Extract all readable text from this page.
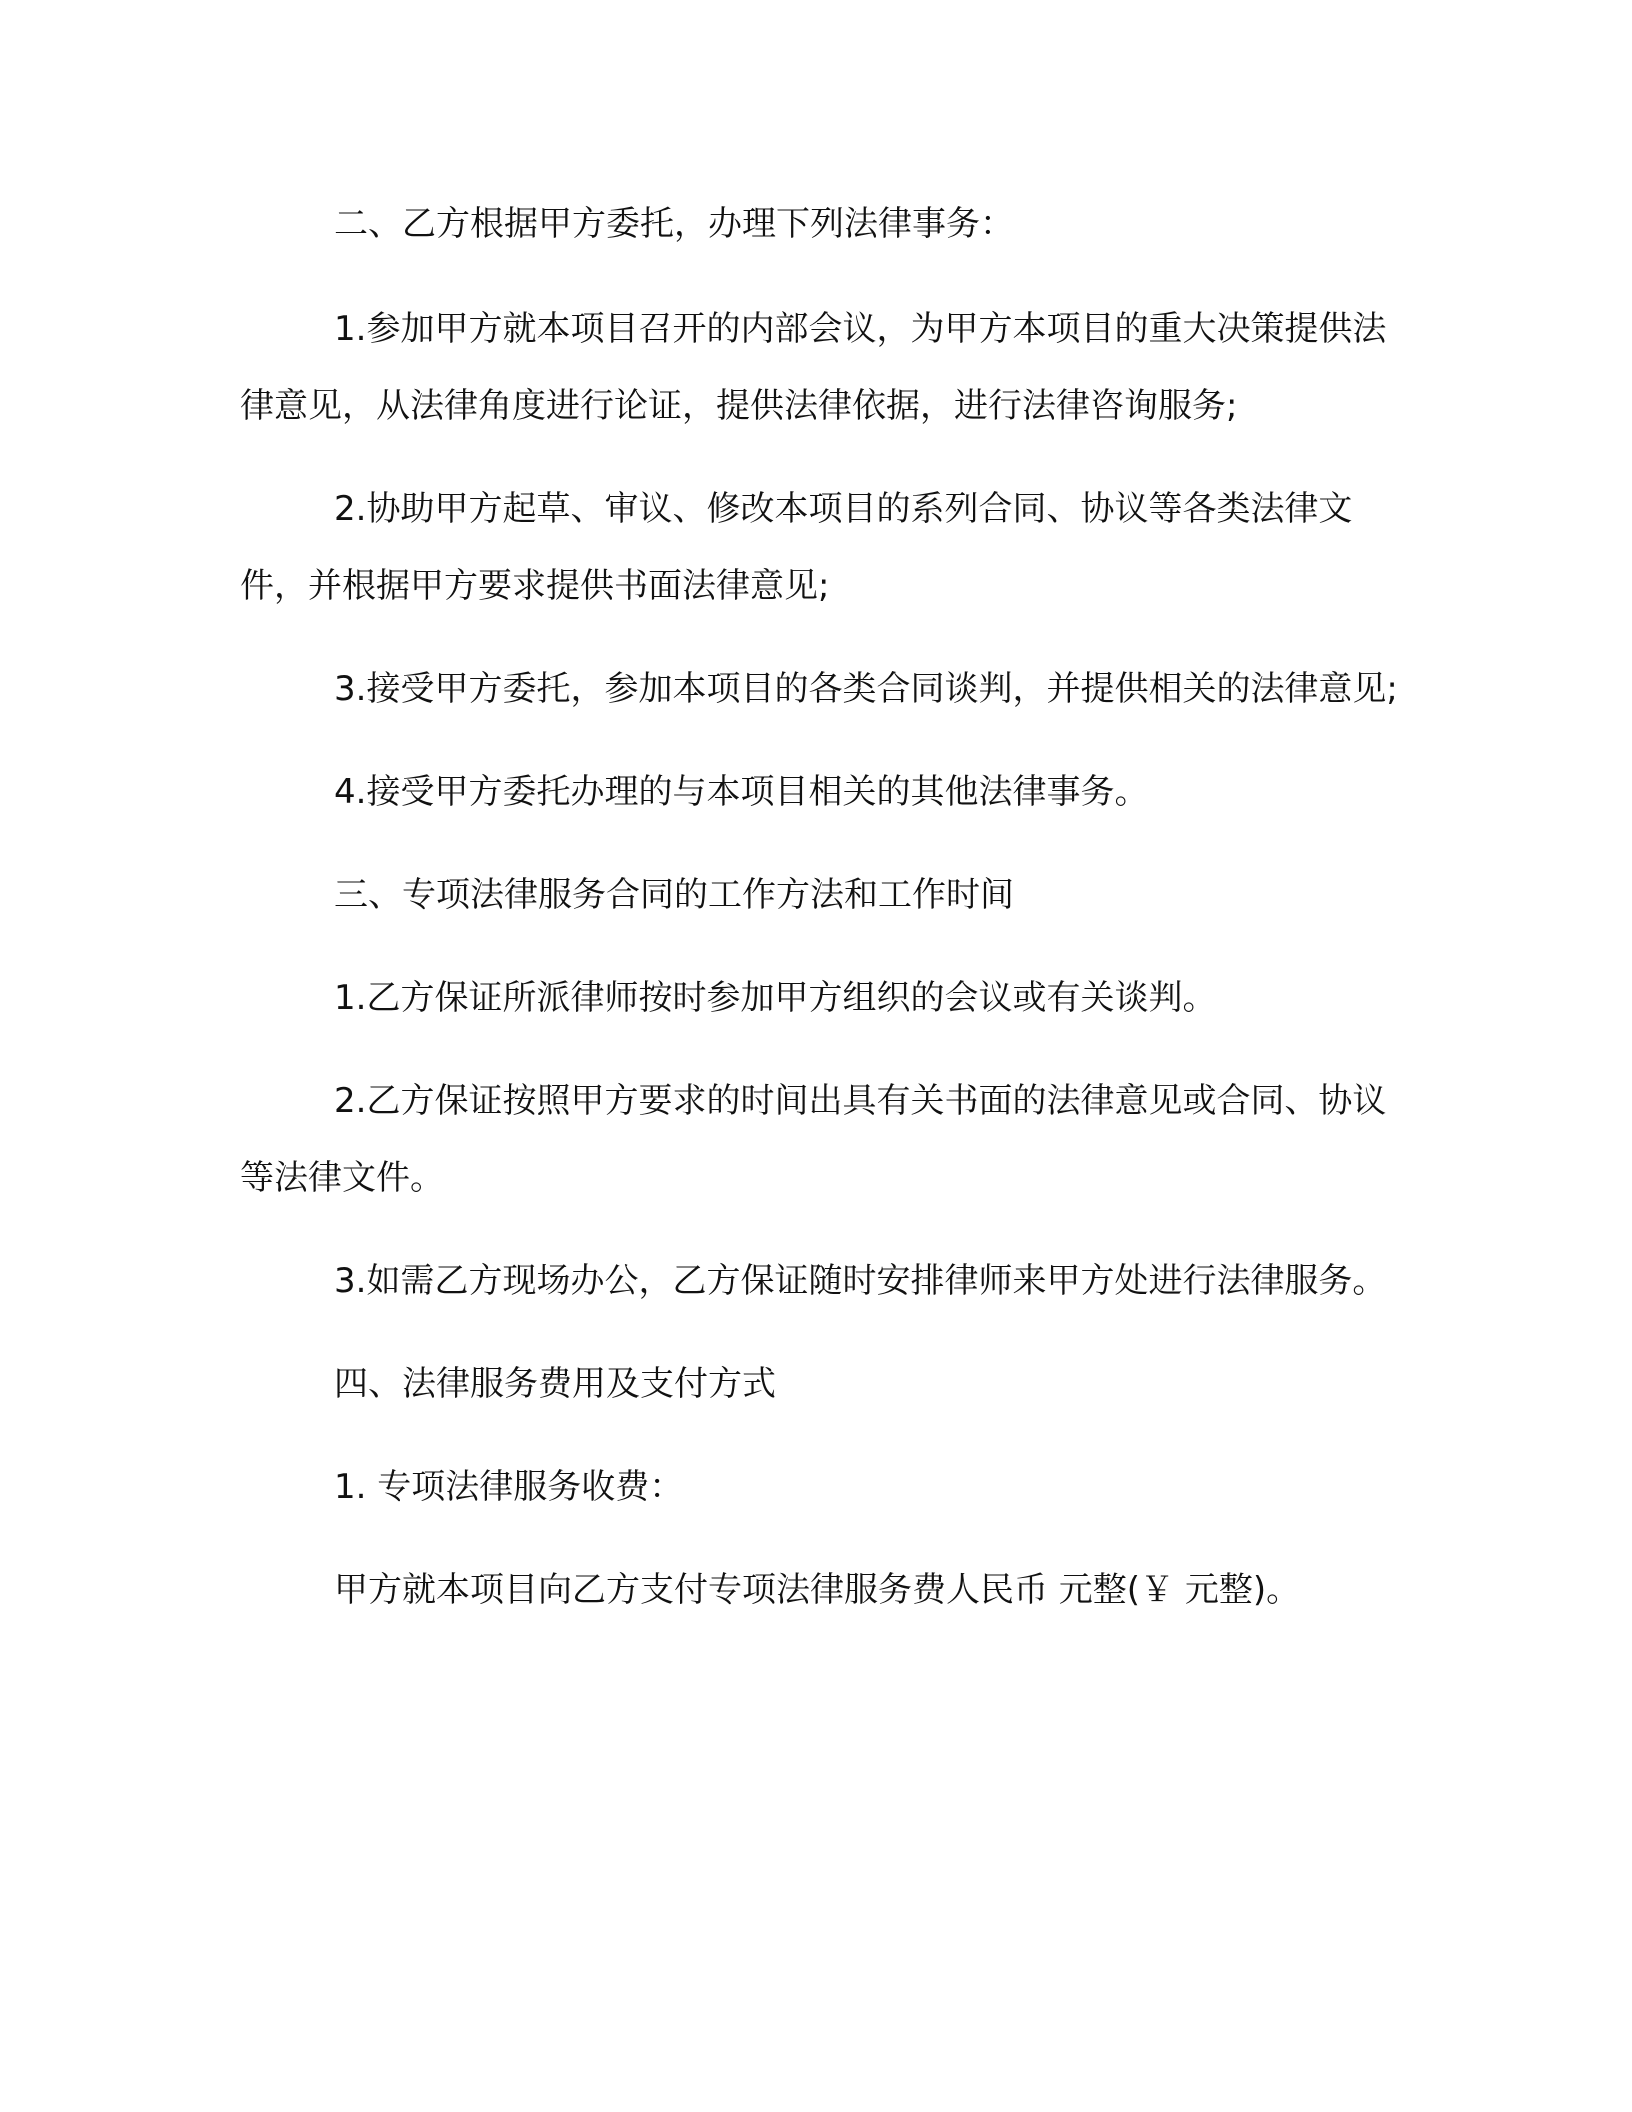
二、乙方根据甲方委托，办理下列法律事务：

1.参加甲方就本项目召开的内部会议，为甲方本项目的重大决策提供法律意见，从法律角度进行论证，提供法律依据，进行法律咨询服务;

2.协助甲方起草、审议、修改本项目的系列合同、协议等各类法律文件，并根据甲方要求提供书面法律意见;

3.接受甲方委托，参加本项目的各类合同谈判，并提供相关的法律意见;

4.接受甲方委托办理的与本项目相关的其他法律事务。

三、专项法律服务合同的工作方法和工作时间

1.乙方保证所派律师按时参加甲方组织的会议或有关谈判。

2.乙方保证按照甲方要求的时间出具有关书面的法律意见或合同、协议等法律文件。

3.如需乙方现场办公，乙方保证随时安排律师来甲方处进行法律服务。

四、法律服务费用及支付方式

1. 专项法律服务收费：

甲方就本项目向乙方支付专项法律服务费人民币 元整(￥ 元整)。
